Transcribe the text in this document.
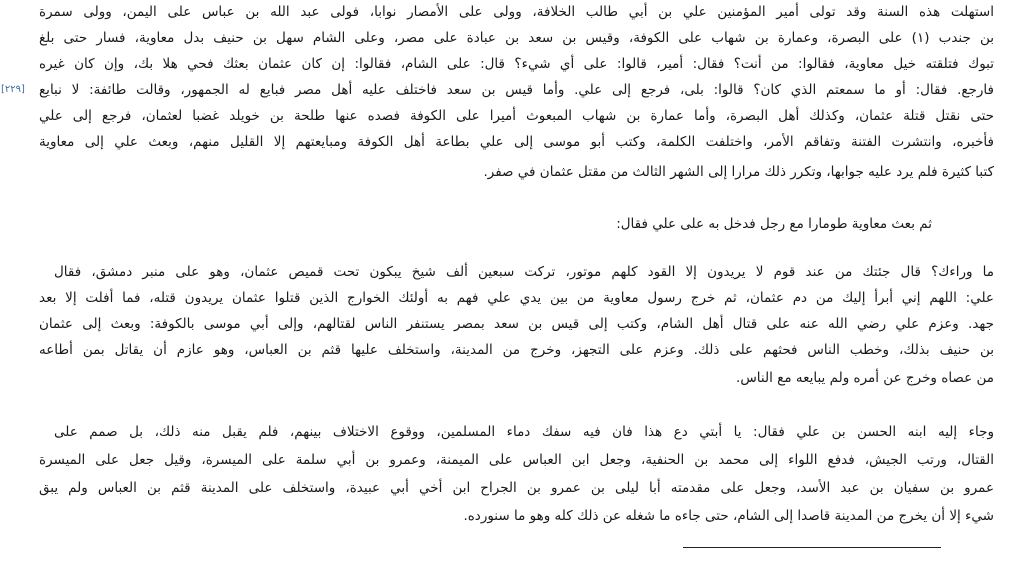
استهلت هذه السنة وقد تولى أمير المؤمنين علي بن أبي طالب الخلافة، وولى على الأمصار نوابا، فولى عبد الله بن عباس على اليمن، وولى سمرة
بن جندب (١) على البصرة، وعمارة بن شهاب على الكوفة، وقيس بن سعد بن عبادة على مصر، وعلى الشام سهل بن حنيف بدل معاوية، فسار حتى بلغ
تبوك فتلقته خيل معاوية، فقالوا: من أنت؟ فقال: أمير، قالوا: على أي شيء؟ قال: على الشام، فقالوا: إن كان عثمان بعثك فحي هلا بك، وإن كان غيره
فارجع. فقال: أو ما سمعتم الذي كان؟ قالوا: بلى، فرجع إلى علي. وأما قيس بن سعد فاختلف عليه أهل مصر فبايع له الجمهور، وقالت طائفة: لا نبايع
حتى نقتل قتلة عثمان، وكذلك أهل البصرة، وأما عمارة بن شهاب المبعوث أميرا على الكوفة فصده عنها طلحة بن خويلد غضبا لعثمان، فرجع إلى علي
فأخبره، وانتشرت الفتنة وتفاقم الأمر، واختلفت الكلمة، وكتب أبو موسى إلى علي بطاعة أهل الكوفة ومبايعتهم إلا القليل منهم، وبعث علي إلى معاوية
كتبا كثيرة فلم يرد عليه جوابها، وتكرر ذلك مرارا إلى الشهر الثالث من مقتل عثمان في صفر.
[٢٢٩]
ثم بعث معاوية طومارا مع رجل فدخل به على علي فقال:
ما وراءك؟ قال جئتك من عند قوم لا يريدون إلا القود كلهم موتور، تركت سبعين ألف شيخ يبكون تحت قميص عثمان، وهو على منبر دمشق، فقال
علي: اللهم إني أبرأ إليك من دم عثمان، ثم خرج رسول معاوية من بين يدي علي فهم به أولئك الخوارج الذين قتلوا عثمان يريدون قتله، فما أفلت إلا بعد
جهد. وعزم علي رضي الله عنه على قتال أهل الشام، وكتب إلى قيس بن سعد بمصر يستنفر الناس لقتالهم، وإلى أبي موسى بالكوفة: وبعث إلى عثمان
بن حنيف بذلك، وخطب الناس فحثهم على ذلك. وعزم على التجهز، وخرج من المدينة، واستخلف عليها قثم بن العباس، وهو عازم أن يقاتل بمن أطاعه
من عصاه وخرج عن أمره ولم يبايعه مع الناس.
وجاء إليه ابنه الحسن بن علي فقال: يا أبتي دع هذا فان فيه سفك دماء المسلمين، ووقوع الاختلاف بينهم، فلم يقبل منه ذلك، بل صمم على
القتال، ورتب الجيش، فدفع اللواء إلى محمد بن الحنفية، وجعل ابن العباس على الميمنة، وعمرو بن أبي سلمة على الميسرة، وقيل جعل على الميسرة
عمرو بن سفيان بن عبد الأسد، وجعل على مقدمته أبا ليلى بن عمرو بن الجراح ابن أخي أبي عبيدة، واستخلف على المدينة قثم بن العباس ولم يبق
شيء إلا أن يخرج من المدينة قاصدا إلى الشام، حتى جاءه ما شغله عن ذلك كله وهو ما سنورده.
